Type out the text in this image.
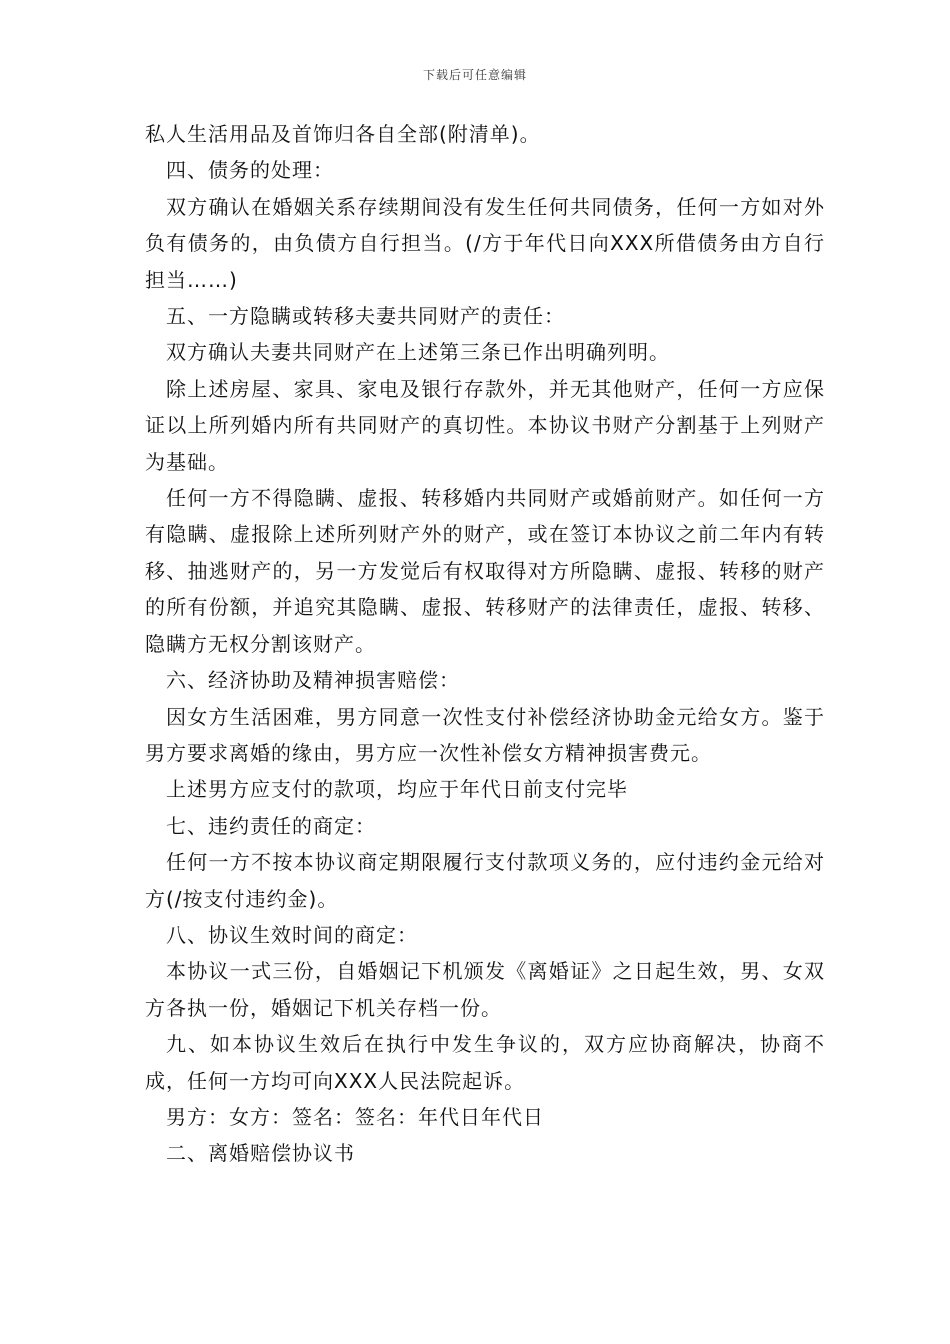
下载后可任意编辑

私人生活用品及首饰归各自全部(附清单)。

四、债务的处理：

双方确认在婚姻关系存续期间没有发生任何共同债务，任何一方如对外负有债务的，由负债方自行担当。(/方于年代日向XXX所借债务由方自行担当……)

五、一方隐瞒或转移夫妻共同财产的责任：

双方确认夫妻共同财产在上述第三条已作出明确列明。

除上述房屋、家具、家电及银行存款外，并无其他财产，任何一方应保证以上所列婚内所有共同财产的真切性。本协议书财产分割基于上列财产为基础。

任何一方不得隐瞒、虚报、转移婚内共同财产或婚前财产。如任何一方有隐瞒、虚报除上述所列财产外的财产，或在签订本协议之前二年内有转移、抽逃财产的，另一方发觉后有权取得对方所隐瞒、虚报、转移的财产的所有份额，并追究其隐瞒、虚报、转移财产的法律责任，虚报、转移、隐瞒方无权分割该财产。

六、经济协助及精神损害赔偿：

因女方生活困难，男方同意一次性支付补偿经济协助金元给女方。鉴于男方要求离婚的缘由，男方应一次性补偿女方精神损害费元。

上述男方应支付的款项，均应于年代日前支付完毕

七、违约责任的商定：

任何一方不按本协议商定期限履行支付款项义务的，应付违约金元给对方(/按支付违约金)。

八、协议生效时间的商定：

本协议一式三份，自婚姻记下机颁发《离婚证》之日起生效，男、女双方各执一份，婚姻记下机关存档一份。

九、如本协议生效后在执行中发生争议的，双方应协商解决，协商不成，任何一方均可向XXX人民法院起诉。

男方：女方：签名：签名：年代日年代日

二、离婚赔偿协议书
